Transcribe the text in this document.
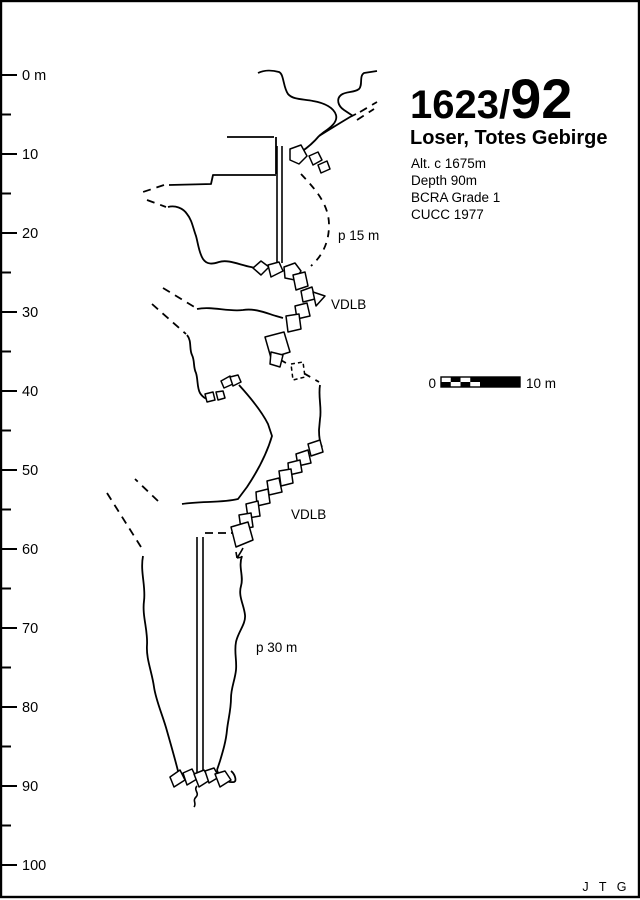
0 m
10
20
30
40
50
60
70
80
90
100
1623/92
Loser, Totes Gebirge
Alt. c 1675m
Depth 90m
BCRA Grade 1
CUCC 1977
0	10 m
p 15 m
VDLB
VDLB
p 30 m
J T G
